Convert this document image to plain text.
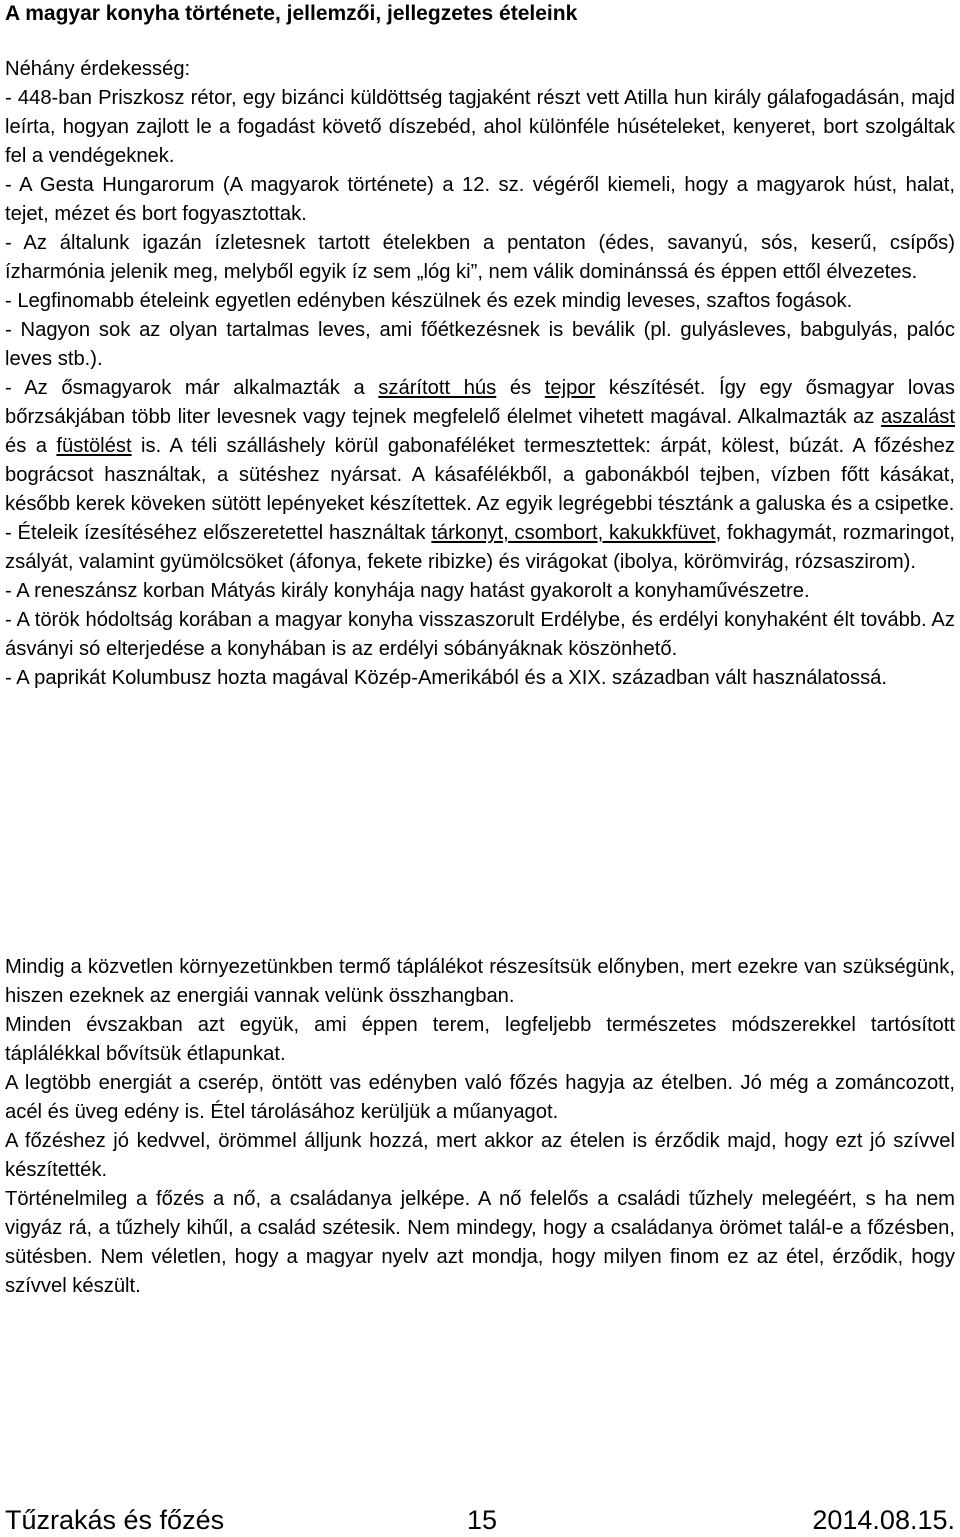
A magyar konyha története, jellemzői, jellegzetes ételeink

Néhány érdekesség:

- 448-ban Priszkosz rétor, egy bizánci küldöttség tagjaként részt vett Atilla hun király gálafogadásán, majd leírta, hogyan zajlott le a fogadást követő díszebéd, ahol különféle húsételeket, kenyeret, bort szolgáltak fel a vendégeknek.

- A Gesta Hungarorum (A magyarok története) a 12. sz. végéről kiemeli, hogy a magyarok húst, halat, tejet, mézet és bort fogyasztottak.

- Az általunk igazán ízletesnek tartott ételekben a pentaton (édes, savanyú, sós, keserű, csípős) ízharmónia jelenik meg, melyből egyik íz sem „lóg ki”, nem válik dominánssá és éppen ettől élvezetes.

- Legfinomabb ételeink egyetlen edényben készülnek és ezek mindig leveses, szaftos fogások.

- Nagyon sok az olyan tartalmas leves, ami főétkezésnek is beválik (pl. gulyásleves, babgulyás, palóc leves stb.).

- Az ősmagyarok már alkalmazták a szárított hús és tejpor készítését. Így egy ősmagyar lovas bőrzsákjában több liter levesnek vagy tejnek megfelelő élelmet vihetett magával. Alkalmazták az aszalást és a füstölést is. A téli szálláshely körül gabonaféléket termesztettek: árpát, kölest, búzát. A főzéshez bográcsot használtak, a sütéshez nyársat. A kásafélékből, a gabonákból tejben, vízben főtt kásákat, később kerek köveken sütött lepényeket készítettek. Az egyik legrégebbi tésztánk a galuska és a csipetke.

- Ételeik ízesítéséhez előszeretettel használtak tárkonyt, csombort, kakukkfüvet, fokhagymát, rozmaringot, zsályát, valamint gyümölcsöket (áfonya, fekete ribizke) és virágokat (ibolya, körömvirág, rózsaszirom).

- A reneszánsz korban Mátyás király konyhája nagy hatást gyakorolt a konyhaművészetre.

- A török hódoltság korában a magyar konyha visszaszorult Erdélybe, és erdélyi konyhaként élt tovább. Az ásványi só elterjedése a konyhában is az erdélyi sóbányáknak köszönhető.

- A paprikát Kolumbusz hozta magával Közép-Amerikából és a XIX. században vált használatossá.

Mindig a közvetlen környezetünkben termő táplálékot részesítsük előnyben, mert ezekre van szükségünk, hiszen ezeknek az energiái vannak velünk összhangban.

Minden évszakban azt együk, ami éppen terem, legfeljebb természetes módszerekkel tartósított táplálékkal bővítsük étlapunkat.

A legtöbb energiát a cserép, öntött vas edényben való főzés hagyja az ételben. Jó még a zománcozott, acél és üveg edény is. Étel tárolásához kerüljük a műanyagot.

A főzéshez jó kedvvel, örömmel álljunk hozzá, mert akkor az ételen is érződik majd, hogy ezt jó szívvel készítették.

Történelmileg a főzés a nő, a családanya jelképe. A nő felelős a családi tűzhely melegéért, s ha nem vigyáz rá, a tűzhely kihűl, a család szétesik. Nem mindegy, hogy a családanya örömet talál-e a főzésben, sütésben. Nem véletlen, hogy a magyar nyelv azt mondja, hogy milyen finom ez az étel, érződik, hogy szívvel készült.

Tűzrakás és főzés	15	2014.08.15.
